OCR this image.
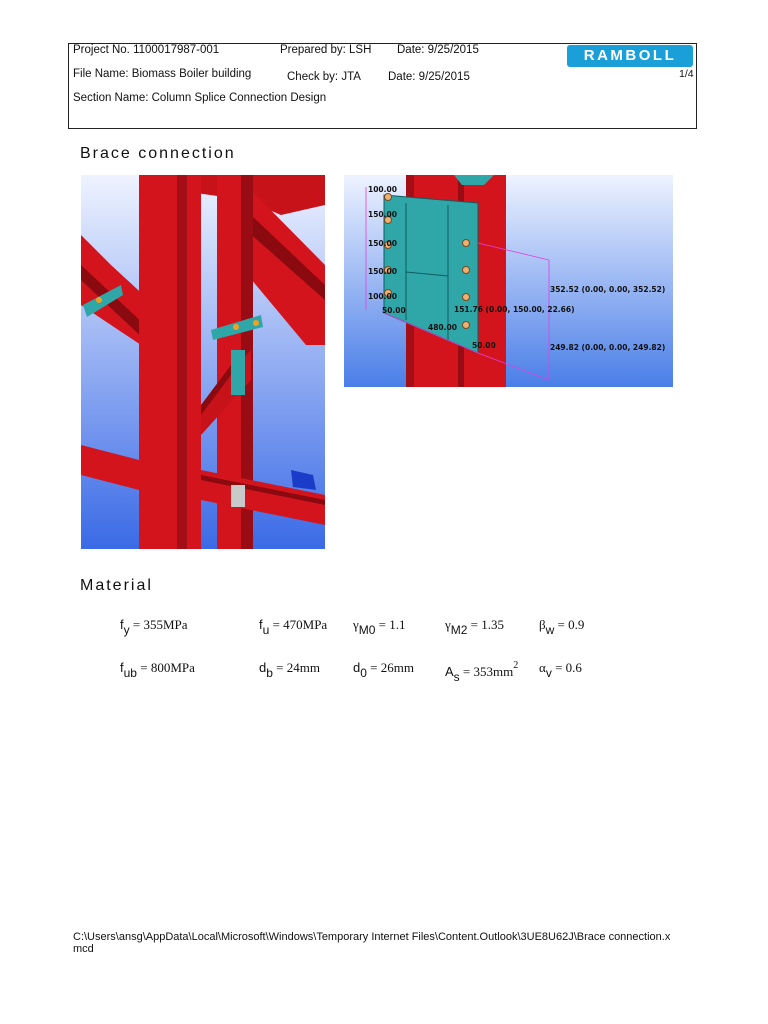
Project No. 1100017987-001	Prepared by: LSH Date: 9/25/2015
File Name: Biomass Boiler building	Check by: JTA Date: 9/25/2015	1/4
Section Name: Column Splice Connection Design
RAMBOLL
Brace connection
100.00
150.00
150.00
150.00
100.00
50.00
480.00
50.00
151.76 (0.00, 150.00, 22.66)
352.52 (0.00, 0.00, 352.52)
249.82 (0.00, 0.00, 249.82)
Material
$f_y = 355MPa$	$f_u = 470MPa$ $\gamma_{M0} = 1.1$	$\gamma_{M2} = 1.35$	$\beta_w = 0.9$
$f_{ub} = 800MPa$	$d_b = 24mm$	$d_0 = 26mm$ $A_s = 353mm^2$ $\alpha_v = 0.6$
C:\Users\ansg\AppData\Local\Microsoft\Windows\Temporary Internet Files\Content.Outlook\3UE8U62J\Brace connection.xmcd
